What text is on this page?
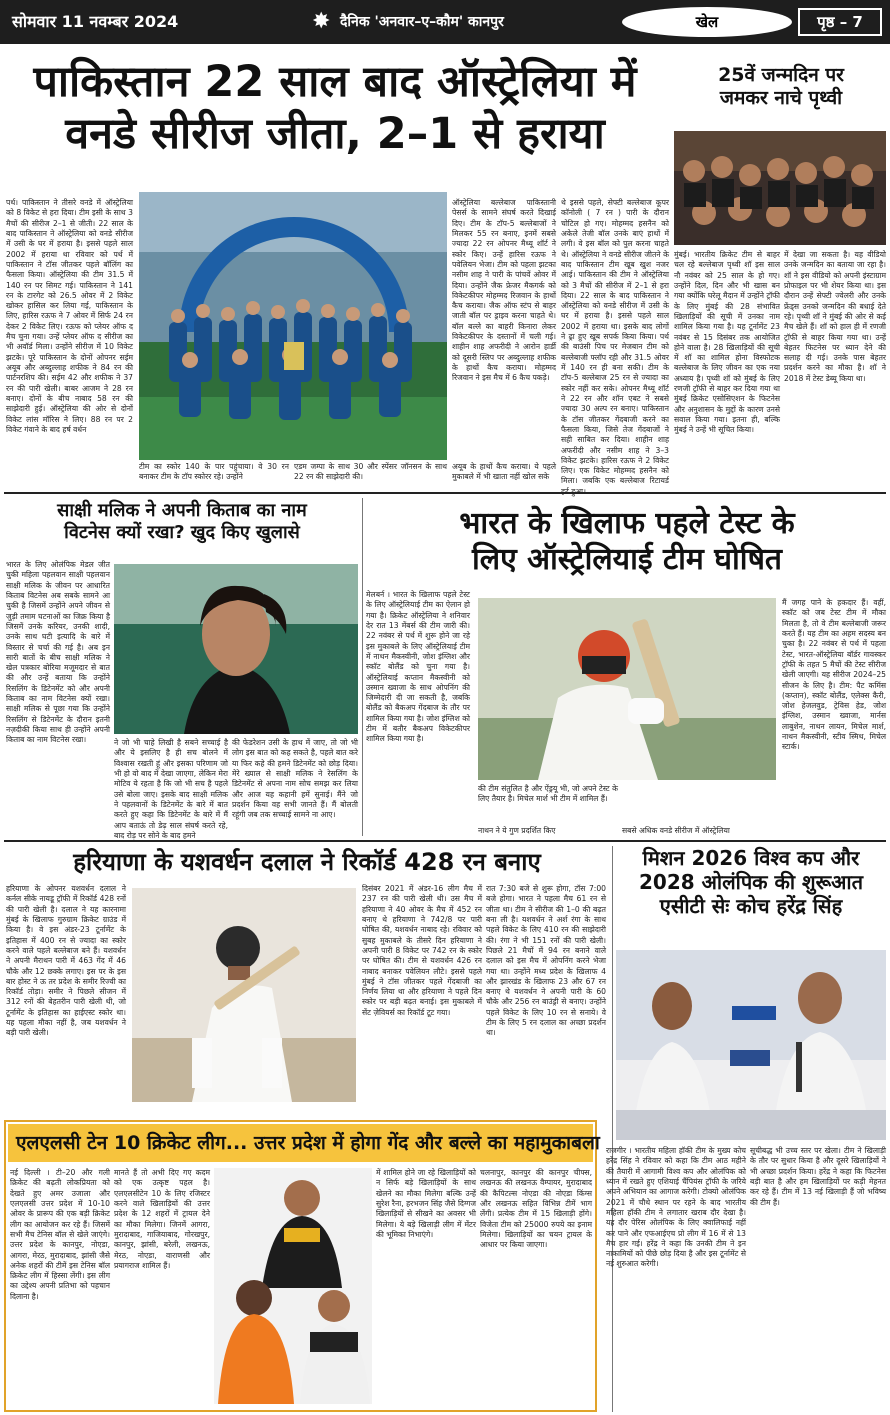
सोमवार 11 नवम्बर 2024	✸ दैनिक 'अनवार–ए–कौम' कानपुर	खेल	पृष्ठ – 7
पाकिस्तान 22 साल बाद ऑस्ट्रेलिया में
वनडे सीरीज जीता, 2–1 से हराया
पर्थ। पाकिस्तान ने तीसरे वनडे में ऑस्ट्रेलिया को 8 विकेट से हरा दिया। टीम इसी के साथ 3 मैचों की सीरीज 2–1 से जीती। 22 साल के बाद पाकिस्तान ने ऑस्ट्रेलिया को वनडे सीरीज में उसी के घर में हराया है। इससे पहले साल 2002 में हराया था रविवार को पर्थ में पाकिस्तान ने टॉस जीतकर पहले बॉलिंग का फैसला किया। ऑस्ट्रेलिया की टीम 31.5 में 140 रन पर सिमट गई। पाकिस्तान ने 141 रन के टारगेट को 26.5 ओवर में 2 विकेट खोकर हासिल कर लिया गई, पाकिस्तान के लिए, हारिस रऊफ ने 7 ओवर में सिर्फ 24 रन देकर 2 विकेट लिए। रऊफ को प्लेयर ऑफ द मैच चुना गया। उन्हें प्लेयर ऑफ द सीरीज का भी अवॉर्ड मिला। उन्होंने सीरीज में 10 विकेट झटके। पूरे पाकिस्तान के दोनों ओपनर सईम अयूब और अब्दुल्लाह शफीक ने 84 रन की पार्टनरशिप की। सईम 42 और शफीक ने 37 रन की पारी खेली। बाबर आजम ने 28 रन बनाए। दोनों के बीच नाबाद 58 रन की साझेदारी हुई। ऑस्ट्रेलिया की ओर से दोनों विकेट लांस मॉरिस ने लिए। 88 रन पर 2 विकेट गंवाने के बाद हर्ष वर्धन
ऑस्ट्रेलिया बल्लेबाज पाकिस्तानी पेसर्स के सामने संघर्ष करते दिखाई दिए। टीम के टॉप-5 बल्लेबाजों ने मिलकर 55 रन बनाए, इनमें सबसे ज्यादा 22 रन ओपनर मैथ्यू शॉर्ट ने स्कोर किए। उन्हें हारिस रऊफ ने पवेलियन भेजा। टीम को पहला झटका नसीम शाह ने पारी के पांचवें ओवर में दिया। उन्होंने जैक फ्रेजर मैकगर्क को विकेटकीपर मोहम्मद रिजवान के हाथों कैच कराया। जैक ऑफ स्टंप से बाहर जाती बॉल पर ड्राइव करना चाहते थे। बॉल बल्ले का बाहरी किनारा लेकर विकेटकीपर के दस्तानों में चली गई। शाहीन शाह अफरीदी ने आरोन हार्डी को दूसरी स्लिप पर अब्दुल्लाह शफीक के हाथों कैच कराया। मोहम्मद रिजवान ने इस मैच में 6 कैच पकड़े।
थे इससे पहले, सेफ्टी बल्लेबाज कूपर कॉनोली ( 7 रन ) पारी के दौरान चोटिल हो गए। मोहम्मद हसनैन को अकेले तेजी बॉल उनके बाएं हाथों में लगी। वे इस बॉल को पुल करना चाहते थे। ऑस्ट्रेलिया ने वनडे सीरीज जीतने के बाद पाकिस्तान टीम खूब खुश नजर आई। पाकिस्तान की टीम ने ऑस्ट्रेलिया को 3 मैचों की सीरीज में 2–1 से हरा दिया। 22 साल के बाद पाकिस्तान ने ऑस्ट्रेलिया को वनडे सीरीज में उसी के घर में हराया है। इससे पहले साल 2002 में हराया था। इसके बाद लोगों ने ढ्रा हुए खूब सपर्क किया किया। पर्थ की बाउंसी पिच पर मेजबान टीम को बल्लेबाजी फ्लॉप रही और 31.5 ओवर में 140 रन ही बना सकी। टीम के टॉप-5 बल्लेबाज 25 रन से ज्यादा का स्कोर नहीं कर सके। ओपनर मैथ्यू शॉर्ट ने 22 रन और शॉन एबट ने सबसे ज्यादा 30 अल्प रन बनाए। पाकिस्तान के टॉस जीतकर गेंदबाजी करने का फैसला किया, जिसे तेज गेंदबाजों ने सही साबित कर दिया। शाहीन शाह अफरीदी और नसीम शाह ने 3–3 विकेट झटके। हारिस रऊफ ने 2 विकेट लिए। एक विकेट मोहम्मद हसनैन को मिला। जबकि एक बल्लेबाज रिटायर्ड
टीम का स्कोर 140 के पार पहुंचाया। वे 30 रन बनाकर टीम के टॉप स्कोरर रहे। उन्होंने
एडम जम्पा के साथ 30 और स्पेंसर जॉनसन के साथ 22 रन की साझेदारी की।
अयूब के हाथों कैच कराया। ये पहले मुकाबले में भी खाता नहीं खोल सके
25वें जन्मदिन पर
जमकर नाचे पृथ्वी
मुंबई। भारतीय क्रिकेट टीम से बाहर चल रहे बल्लेबाज पृथ्वी शॉ इस साल नौ नवंबर को 25 साल के हो गए। उन्होंने दिल, दिन और भी खास बन गया क्योंकि घरेलू मैदान में उन्होंने ट्रॉफी के लिए मुंबई की 28 संभावित खिलाड़ियों की सूची में उनका नाम शामिल किया गया है। यह टूर्नामेंट 23 नवंबर से 15 दिसंबर तक आयोजित होने वाला है। 28 खिलाड़ियों की सूची में शॉ का शामिल होना विस्फोटक बल्लेबाज के लिए जीवन का एक नया अध्याय है। पृथ्वी शॉ को मुंबई के लिए रणजी ट्रॉफी से बाहर कर दिया गया था मुंबई क्रिकेट एसोसिएशन के फिटनेस और अनुशासन के मुद्दों के कारण उनसे सवाल किया गया। इतना ही, बल्कि मुंबई ने उन्हें भी सूचित किया।
में देखा जा सकता है। यह वीडियो उनके जन्मदिन का बताया जा रहा है। शॉ ने इस वीडियो को अपनी इंस्टाग्राम प्रोफाइल पर भी शेयर किया था। इस दौरान उन्हें सेफ्टी ज्वेलरी और उनके फ्रेंड्स उनको जन्मदिन की बधाई देते रहे। पृथ्वी शॉ ने मुंबई की ओर से कई मैच खेले हैं। शॉ को हाल ही में रणजी ट्रॉफी से बाहर किया गया था। उन्हें बेहतर फिटनेस पर ध्यान देने की सलाह दी गई। उनके पास बेहतर प्रदर्शन करने का मौका है। शॉ ने 2018 में टेस्ट डेब्यू किया था।
साक्षी मलिक ने अपनी किताब का नाम
विटनेस क्यों रखा? खुद किए खुलासे
भारत के लिए ओलंपिक मेडल जीत चुकी महिला पहलवान साक्षी पहलवान साक्षी मलिक के जीवन पर आधारित किताब विटनेस अब सबके सामने आ चुकी है जिसमें उन्होंने अपने जीवन से जुड़ी तमाम घटनाओं का जिक्र किया है जिसमें उनके करियर, उनकी शादी, उनके साथ घटी इत्यादि के बारे में विस्तार से चर्चा की गई है। अब इन सारी बातों के बीच साक्षी मलिक ने खेल पत्रकार बोरिया मजूमदार से बात की और उन्हें बताया कि उन्होंने रिसलिंग के डिटेनमेंट को और अपनी किताब का नाम विटनेस क्यों रखा। साक्षी मलिक से पूछा गया कि उन्होंने रिसलिंग से डिटेनमेंट के दौरान इतनी नज़दीकी किया साथ ही उन्होंने अपनी किताब का नाम विटनेस रखा।	ने जो भी चाहे लिखी है सबने सच्चाई है और ये इसलिए है ही सच बोलने में विश्वास रखती हूं और इसका परिणाम जो भी हो वो बाद में देखा जाएगा, लेकिन मेरा मोटिव ये रहता है कि जो भी सच है पहले उसे बोला जाए। इसके बाद साक्षी मलिक ने पहलवानों के डिटेनमेंट के बारे में बात करते हुए कहा कि डिटेनमेंट के बारे में मैं आप बताऊं तो डेढ़ साल संघर्ष करते रहे, बाद रोड़ पर सोने के बाद हमने
की फेडरेशन उसी के हाथ में जाए, तो जो भी लोग इस बात को कह सकते है, पहले बात करे या फिर कहे की हमने डिटेनमेंट को छोड़ दिया। मेरे ख्याल से साक्षी मलिक ने रेसलिंग के डिटेनमेंट से अपना नाम सोच समझ कर लिया और आज यह कहानी हमें सुनाई। मैंने जो प्रदर्शन किया वह सभी जानते हैं। मैं बोलती रहूंगी जब तक सच्चाई सामने ना आए।
भारत के खिलाफ पहले टेस्ट के
लिए ऑस्ट्रेलियाई टीम घोषित
मेलबर्न । भारत के खिलाफ पहले टेस्ट के लिए ऑस्ट्रेलियाई टीम का ऐलान हो गया है। क्रिकेट ऑस्ट्रेलिया ने शनिवार देर रात 13 मेंबर्स की टीम जारी की। 22 नवंबर से पर्थ में शुरू होने जा रहे इस मुकाबले के लिए ऑस्ट्रेलियाई टीम में नाथन मैकस्वीनी, जोश इंग्लिश और स्कॉट बोलैंड को चुना गया है। ऑस्ट्रेलियाई कप्तान मैकस्वीनी को उस्मान ख्वाजा के साथ ओपनिंग की जिम्मेदारी दी जा सकती है, जबकि बोलैंड को बैकअप गेंदबाज के तौर पर शामिल किया गया है। जोश इंग्लिश को टीम में बतौर बैकअप विकेटकीपर शामिल किया गया है।
की टीम संतुलित है और ऐंड्रयू भी, जो अपने टेस्ट के लिए तैयार है। मिचेल मार्श भी टीम में शामिल हैं।
नाथन ने ये गुण प्रदर्शित किए	सबसे अधिक वनडे सीरीज में ऑस्ट्रेलिया
मैं जगह पाने के हकदार हैं। वहीं, स्कॉट को जब टेस्ट टीम में मौका मिलता है, तो वे टीम बल्लेबाजी जरूर करते हैं। यह टीम का अहम सदस्य बन चुका है। 22 नवंबर से पर्थ में पहला टेस्ट, भारत-ऑस्ट्रेलिया बॉर्डर गावस्कर ट्रॉफी के तहत 5 मैचों की टेस्ट सीरीज खेली जाएगी। यह सीरीज 2024–25 सीजन के लिए है। टीम: पैट कमिंस (कप्तान), स्कॉट बोलैंड, एलेक्स कैरी, जोश हेजलवुड, ट्रेविस हेड, जोश इंग्लिश, उस्मान ख्वाजा, मार्नस लाबुशेन, नाथन लायन, मिचेल मार्श, नाथन मैकस्वीनी, स्टीव स्मिथ, मिचेल स्टार्क।
हरियाणा के यशवर्धन दलाल ने रिकॉर्ड 428 रन बनाए
हरियाणा के ओपनर यशवर्धन दलाल ने कर्नल सीके नायडू ट्रॉफी में रिकॉर्ड 428 रनों की पारी खेली है। दलाल ने यह कारनामा मुंबई के खिलाफ गुरुग्राम क्रिकेट ग्राउंड में किया है। वे इस अंडर-23 टूर्नामेंट के इतिहास में 400 रन से ज्यादा का स्कोर करने वाले पहले बल्लेबाज बने हैं। यशवर्धन ने अपनी मैराथन पारी में 463 गेंद में 46 चौके और 12 छक्के लगाए। इस पर के इस बार होस्ट ने ऊ तर प्रदेश के समीर रिज्वी का रिकॉर्ड तोड़ा। समीर ने पिछले सीजन में 312 रनों की बेहतरीन पारी खेली थी, जो टूर्नामेंट के इतिहास का हाईएस्ट स्कोर था। यह पहला मौका नहीं है, जब यशवर्धन ने बड़ी पारी खेली।
दिसंबर 2021 में अंडर-16 लीग मैच में 237 रन की पारी खेली थी। उस मैच में हरियाणा ने 40 ओवर के मैच में 452 रन बनाए थे हरियाणा ने 742/8 पर पारी घोषित की, यशवर्धन नाबाद रहे। रविवार को सुबह मुकाबले के तीसरे दिन हरियाणा ने अपनी पारी 8 विकेट पर 742 रन के स्कोर पर घोषित की। टीम से यशवर्धन 426 रन नाबाद बनाकर पवेलियन लौटे। इससे पहले मुंबई ने टॉस जीतकर पहले गेंदबाजी का निर्णय लिया था और हरियाणा ने पहले दिन स्कोर पर बड़ी बढ़त बनाई। इस मुकाबले में सेंट ज़ेवियर्स का रिकॉर्ड टूट गया।
रात 7:30 बजे से शुरू होगा, टॉस 7:00 बजे होगा। भारत ने पहला मैच 61 रन से जीता था। टीम ने सीरीज की 1–0 की बढ़त बना ली है। यशवर्धन ने अर्श रंगा के साथ पहले विकेट के लिए 410 रन की साझेदारी की। रंगा ने भी 151 रनों की पारी खेली। पिछले 21 मैचों में 94 रन बनाने वाले दलाल को इस मैच में ओपनिंग करने भेजा गया था। उन्होंने मध्य प्रदेश के खिलाफ 4 और झारखंड के खिलाफ 23 और 67 रन बनाए थे यशवर्धन ने अपनी पारी के 60 चौके और 256 रन बाउंड्री से बनाए। उन्होंने पहले विकेट के लिए 10 रन से सनाये। वे टीम के लिए 5 रन दलाल का अच्छा प्रदर्शन था।
मिशन 2026 विश्व कप और
2028 ओलंपिक की शुरूआत
एसीटी सेः कोच हरेंद्र सिंह
राजगीर । भारतीय महिला हॉकी टीम के मुख्य कोच हरेंद्र सिंह ने रविवार को कहा कि टीम आठ महीने की तैयारी में आगामी विश्व कप और ओलंपिक को ध्यान में रखते हुए एशियाई चैंपियंस ट्रॉफी के जरिये अपने अभियान का आगाज करेगी। टोक्यो ओलंपिक 2021 में चौथे स्थान पर रहने के बाद भारतीय महिला हॉकी टीम ने लगातार खराब दौर देखा है। यह दौर पेरिस ओलंपिक के लिए क्वालिफाई नहीं कर पाने और एफआईएच प्रो लीग में 16 में से 13 मैच हार गई। हरेंद्र ने कहा कि उनकी टीम ने इन नाकामियों को पीछे छोड़ दिया है और इस टूर्नामेंट से नई शुरुआत करेगी।
सूचीबद्ध भी उच्च स्तर पर खेला। टीम ने खिलाड़ी के तौर पर सुधार किया है और दूसरे खिलाड़ियों ने भी अच्छा प्रदर्शन किया। हरेंद्र ने कहा कि फिटनेस बड़ी बात है और हम खिलाड़ियों पर कड़ी मेहनत कर रहे हैं। टीम में 13 नई खिलाड़ी हैं जो भविष्य की टीम हैं।
एलएलसी टेन 10 क्रिकेट लीग... उत्तर प्रदेश में होगा गेंद और बल्ले का महामुकाबला
नई दिल्ली । टी–20 और गली क्रिकेट की बढ़ती लोकप्रियता को देखते हुए अमर उजाला और एलएलसी उत्तर प्रदेश में 10-10 ओवर के प्रारूप की एक बड़ी क्रिकेट लीग का आयोजन कर रहे हैं। जिसमें सभी मैच टेनिस बॉल से खेले जाएंगे। उत्तर प्रदेश के कानपुर, नोएडा, आगरा, मेरठ, मुरादाबाद, झांसी जैसे अनेक शहरों की टीमें इस टेनिस बॉल क्रिकेट लीग में हिस्सा लेंगी। इस लीग का उद्देश्य अपनी प्रतिभा को पहचान दिलाना है।
मानते हैं तो अभी दिए गए कदम को एक उत्कृष्ट पहल है। एलएलसीटेन 10 के लिए रजिस्टर करने वाले खिलाड़ियों की उत्तर प्रदेश के 12 शहरों में ट्रायल देने का मौका मिलेगा। जिनमें आगरा, मुरादाबाद, गाजियाबाद, गोरखपुर, कानपुर, झांसी, बरेली, लखनऊ, मेरठ, नोएडा, वाराणसी और प्रयागराज शामिल हैं।
में शामिल होने जा रहे खिलाड़ियों को न सिर्फ बड़े खिलाड़ियों के साथ खेलने का मौका मिलेगा बल्कि उन्हें सुरेश रैना, हरभजन सिंह जैसे दिग्गज खिलाड़ियों से सीखने का अवसर भी मिलेगा। ये बड़े खिलाड़ी लीग में मेंटर की भूमिका निभाएंगे।
चलनापुर, कानपुर की कानपुर चीफ्स, लखनऊ की लखनऊ वैम्पायर, मुरादाबाद की कैपिटल्स नोएडा की नोएडा किंग्स और लखनऊ सहित विभिन्न टीमें भाग लेंगी। प्रत्येक टीम में 15 खिलाड़ी होंगे। विजेता टीम को 25000 रुपये का इनाम मिलेगा। खिलाड़ियों का चयन ट्रायल के आधार पर किया जाएगा।
